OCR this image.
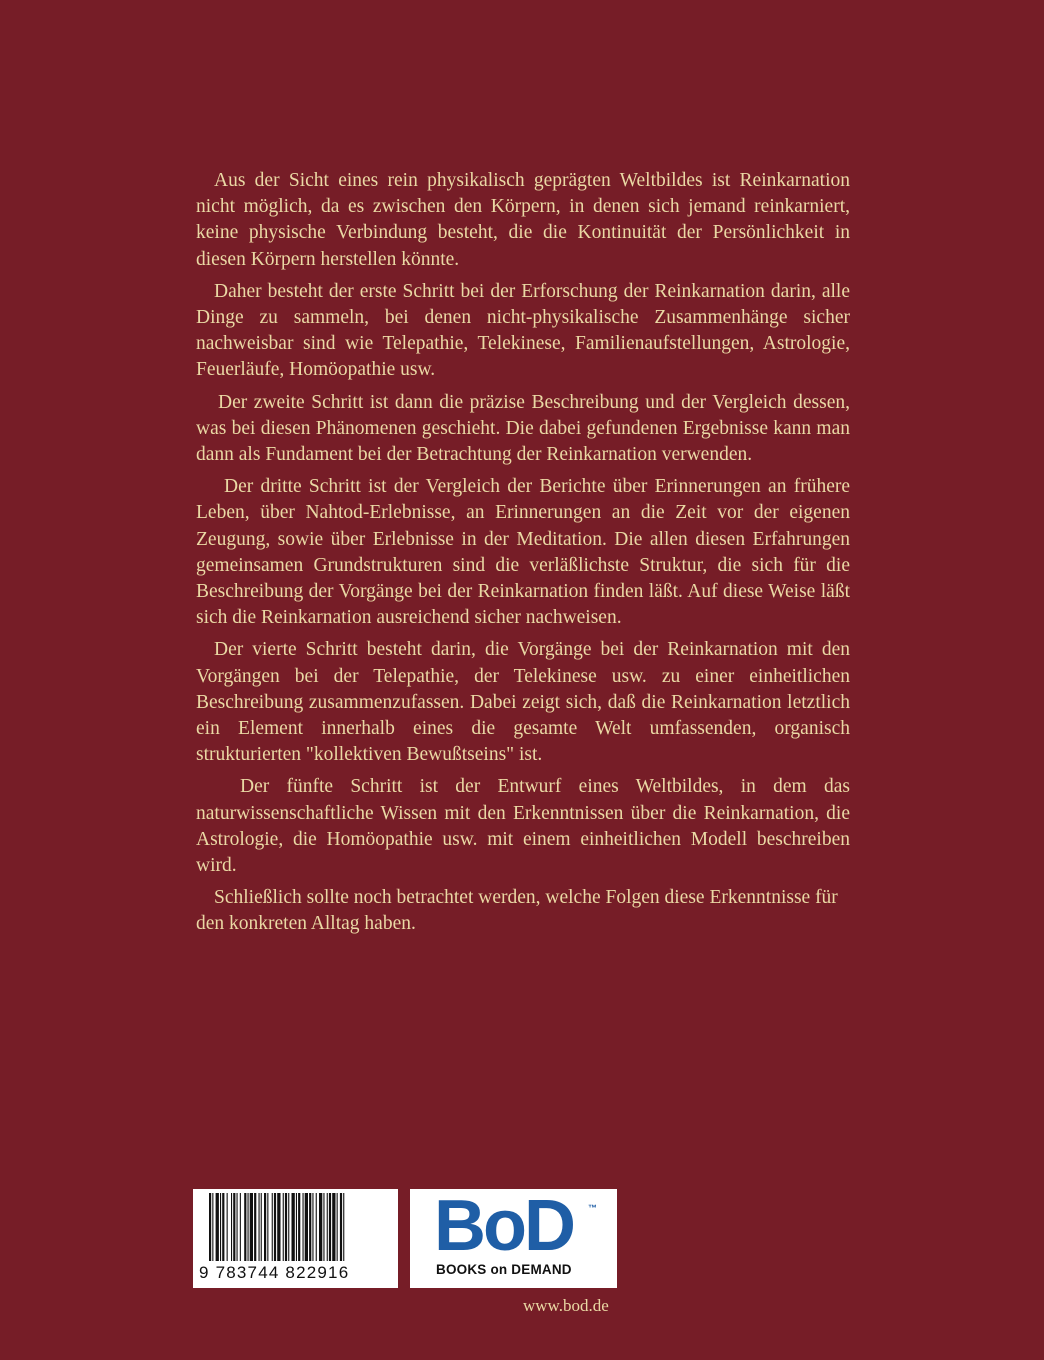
Aus der Sicht eines rein physikalisch geprägten Weltbildes ist Reinkarnation nicht möglich, da es zwischen den Körpern, in denen sich jemand reinkarniert, keine physische Verbindung besteht, die die Kontinuität der Persönlichkeit in diesen Körpern herstellen könnte.

Daher besteht der erste Schritt bei der Erforschung der Reinkarnation darin, alle Dinge zu sammeln, bei denen nicht-physikalische Zusammenhänge sicher nachweisbar sind wie Telepathie, Telekinese, Familienaufstellungen, Astrologie, Feuerläufe, Homöopathie usw.

Der zweite Schritt ist dann die präzise Beschreibung und der Vergleich dessen, was bei diesen Phänomenen geschieht. Die dabei gefundenen Ergebnisse kann man dann als Fundament bei der Betrachtung der Reinkarnation verwenden.

Der dritte Schritt ist der Vergleich der Berichte über Erinnerungen an frühere Leben, über Nahtod-Erlebnisse, an Erinnerungen an die Zeit vor der eigenen Zeugung, sowie über Erlebnisse in der Meditation. Die allen diesen Erfahrungen gemeinsamen Grundstrukturen sind die verläßlichste Struktur, die sich für die Beschreibung der Vorgänge bei der Reinkarnation finden läßt. Auf diese Weise läßt sich die Reinkarnation ausreichend sicher nachweisen.

Der vierte Schritt besteht darin, die Vorgänge bei der Reinkarnation mit den Vorgängen bei der Telepathie, der Telekinese usw. zu einer einheitlichen Beschreibung zusammenzufassen. Dabei zeigt sich, daß die Reinkarnation letztlich ein Element innerhalb eines die gesamte Welt umfassenden, organisch strukturierten "kollektiven Bewußtseins" ist.

Der fünfte Schritt ist der Entwurf eines Weltbildes, in dem das naturwissenschaftliche Wissen mit den Erkenntnissen über die Reinkarnation, die Astrologie, die Homöopathie usw. mit einem einheitlichen Modell beschreiben wird.

Schließlich sollte noch betrachtet werden, welche Folgen diese Erkenntnisse für den konkreten Alltag haben.

9 783744 822916
BoD ™
BOOKS on DEMAND
www.bod.de
